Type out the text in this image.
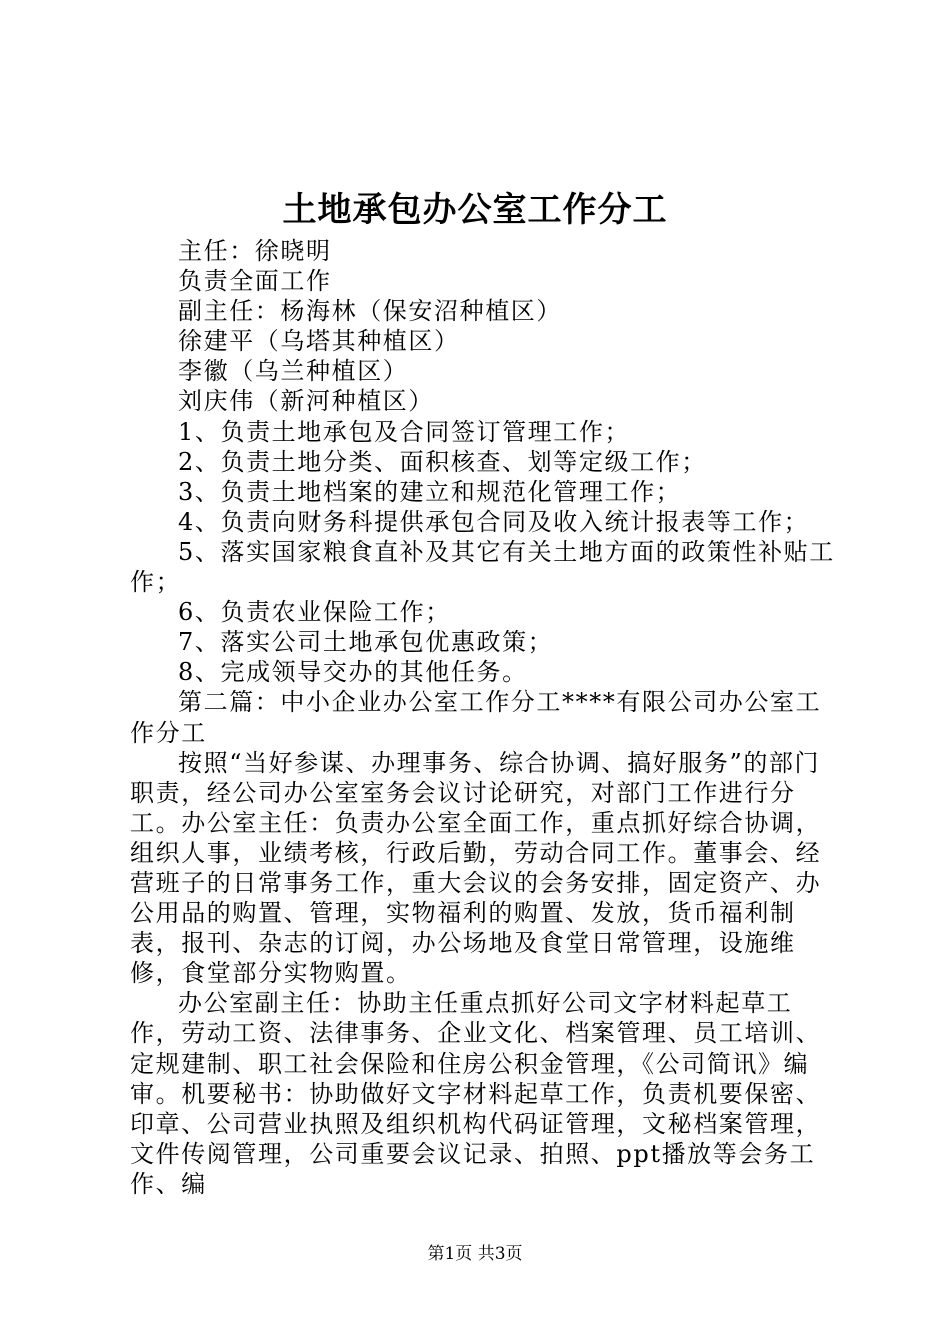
土地承包办公室工作分工

主任：徐晓明

负责全面工作

副主任：杨海林（保安沼种植区）

徐建平（乌塔其种植区）

李徽（乌兰种植区）

刘庆伟（新河种植区）

1、负责土地承包及合同签订管理工作；

2、负责土地分类、面积核查、划等定级工作；

3、负责土地档案的建立和规范化管理工作；

4、负责向财务科提供承包合同及收入统计报表等工作；

5、落实国家粮食直补及其它有关土地方面的政策性补贴工作；

6、负责农业保险工作；

7、落实公司土地承包优惠政策；

8、完成领导交办的其他任务。

第二篇：中小企业办公室工作分工****有限公司办公室工作分工

按照“当好参谋、办理事务、综合协调、搞好服务”的部门职责，经公司办公室室务会议讨论研究，对部门工作进行分工。办公室主任：负责办公室全面工作，重点抓好综合协调，组织人事，业绩考核，行政后勤，劳动合同工作。董事会、经营班子的日常事务工作，重大会议的会务安排，固定资产、办公用品的购置、管理，实物福利的购置、发放，货币福利制表，报刊、杂志的订阅，办公场地及食堂日常管理，设施维修，食堂部分实物购置。

办公室副主任：协助主任重点抓好公司文字材料起草工作，劳动工资、法律事务、企业文化、档案管理、员工培训、定规建制、职工社会保险和住房公积金管理，《公司简讯》编审。机要秘书：协助做好文字材料起草工作，负责机要保密、印章、公司营业执照及组织机构代码证管理，文秘档案管理，文件传阅管理，公司重要会议记录、拍照、ppt播放等会务工作、编

第1页 共3页
